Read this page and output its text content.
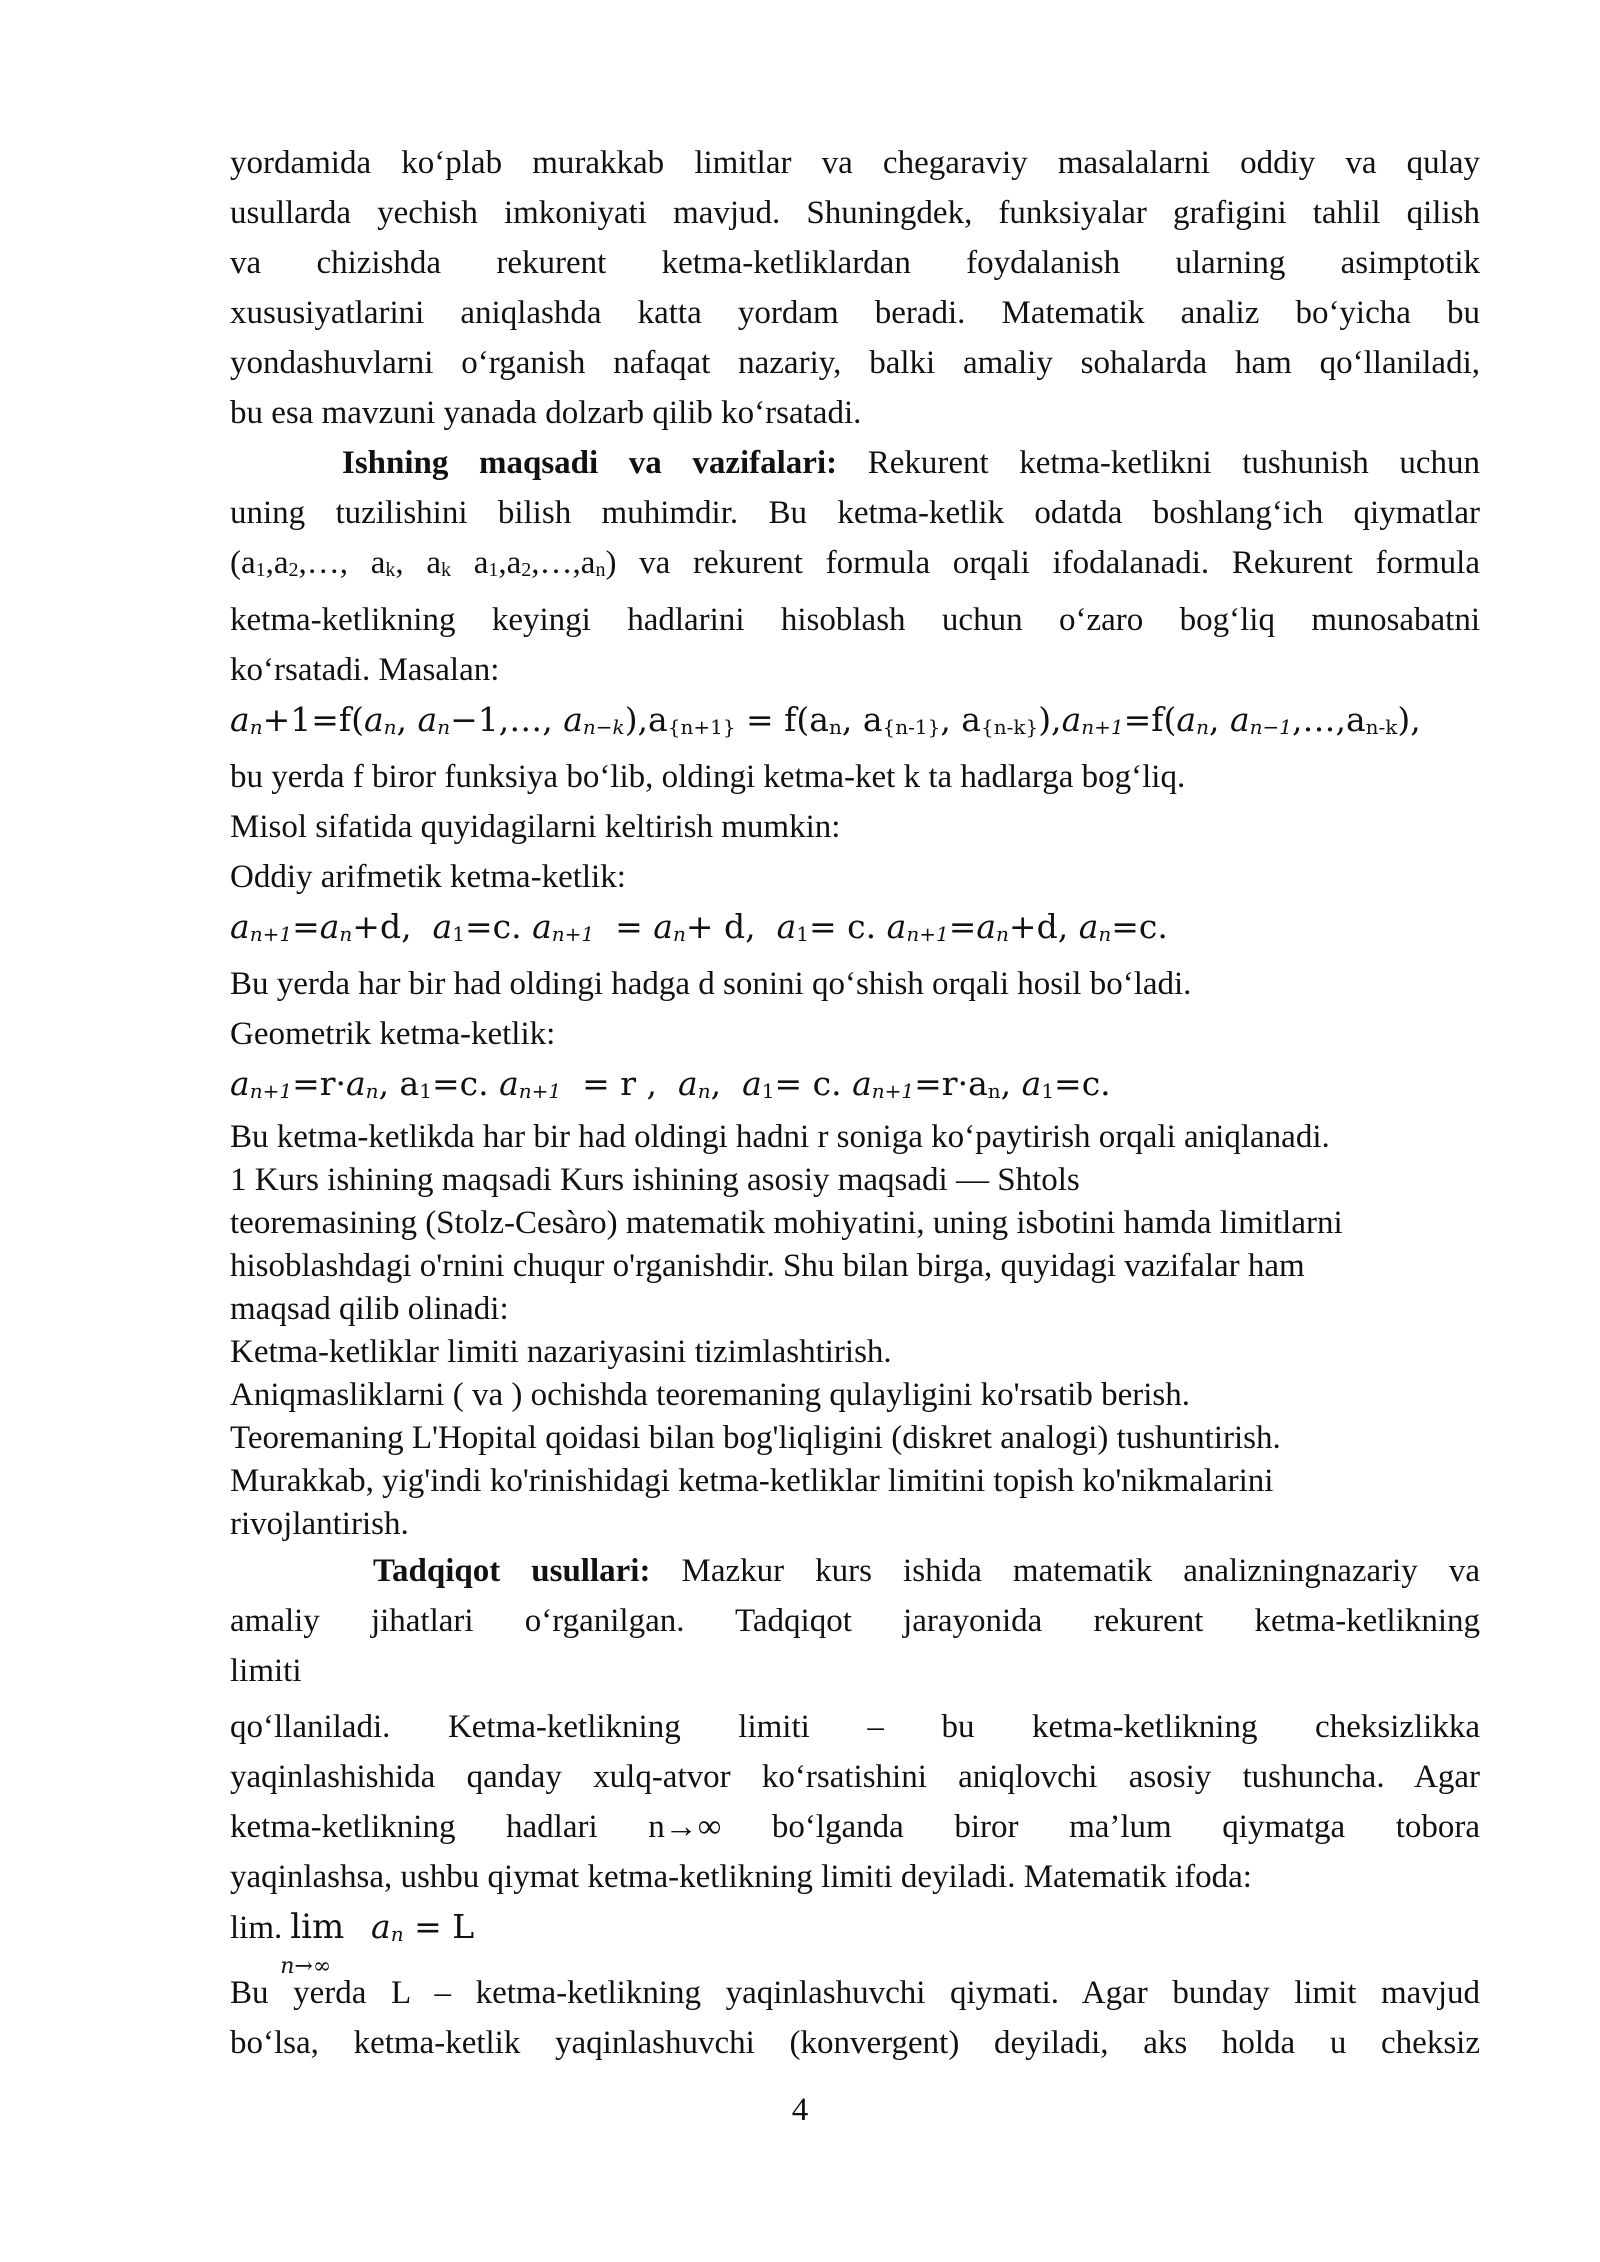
yordamida ko‘plab murakkab limitlar va chegaraviy masalalarni oddiy va qulay
usullarda yechish imkoniyati mavjud. Shuningdek, funksiyalar grafigini tahlil qilish
va chizishda rekurent ketma-ketliklardan foydalanish ularning asimptotik
xususiyatlarini aniqlashda katta yordam beradi. Matematik analiz bo‘yicha bu
yondashuvlarni o‘rganish nafaqat nazariy, balki amaliy sohalarda ham qo‘llaniladi,
bu esa mavzuni yanada dolzarb qilib ko‘rsatadi.
Ishning maqsadi va vazifalari: Rekurent ketma-ketlikni tushunish uchun
uning tuzilishini bilish muhimdir. Bu ketma-ketlik odatda boshlang‘ich qiymatlar
(a1,a2,…, ak, ak a1,a2,…,an) va rekurent formula orqali ifodalanadi. Rekurent formula
ketma-ketlikning keyingi hadlarini hisoblash uchun o‘zaro bog‘liq munosabatni
ko‘rsatadi. Masalan:
an+1=f(an, an−1,…, an−k),a{n+1} = f(an, a{n-1}, a{n-k}),an+1=f(an, an−1,…,an-k),
bu yerda f biror funksiya bo‘lib, oldingi ketma-ket k ta hadlarga bog‘liq.
Misol sifatida quyidagilarni keltirish mumkin:
Oddiy arifmetik ketma-ketlik:
an+1=an+d,  a1=c. an+1  = an+ d,  a1= c. an+1=an+d, an=c.
Bu yerda har bir had oldingi hadga d sonini qo‘shish orqali hosil bo‘ladi.
Geometrik ketma-ketlik:
an+1=r·an, a1=c. an+1  = r ,  an,  a1= c. an+1=r·an, a1=c.
Bu ketma-ketlikda har bir had oldingi hadni r soniga ko‘paytirish orqali aniqlanadi.
1 Kurs ishining maqsadi Kurs ishining asosiy maqsadi — Shtols
teoremasining (Stolz-Cesàro) matematik mohiyatini, uning isbotini hamda limitlarni
hisoblashdagi o'rnini chuqur o'rganishdir. Shu bilan birga, quyidagi vazifalar ham
maqsad qilib olinadi:
Ketma-ketliklar limiti nazariyasini tizimlashtirish.
Aniqmasliklarni ( va ) ochishda teoremaning qulayligini ko'rsatib berish.
Teoremaning L'Hopital qoidasi bilan bog'liqligini (diskret analogi) tushuntirish.
Murakkab, yig'indi ko'rinishidagi ketma-ketliklar limitini topish ko'nikmalarini
rivojlantirish.
Tadqiqot usullari: Mazkur kurs ishida matematik analizningnazariy va
amaliy jihatlari o‘rganilgan. Tadqiqot jarayonida rekurent ketma-ketlikning
limiti
qo‘llaniladi. Ketma-ketlikning limiti – bu ketma-ketlikning cheksizlikka
yaqinlashishida qanday xulq-atvor ko‘rsatishini aniqlovchi asosiy tushuncha. Agar
ketma-ketlikning hadlari n→∞ bo‘lganda biror ma’lum qiymatga tobora
yaqinlashsa, ushbu qiymat ketma-ketlikning limiti deyiladi. Matematik ifoda:
lim. lim
n→∞
an = L
Bu yerda L – ketma-ketlikning yaqinlashuvchi qiymati. Agar bunday limit mavjud
bo‘lsa, ketma-ketlik yaqinlashuvchi (konvergent) deyiladi, aks holda u cheksiz
4
